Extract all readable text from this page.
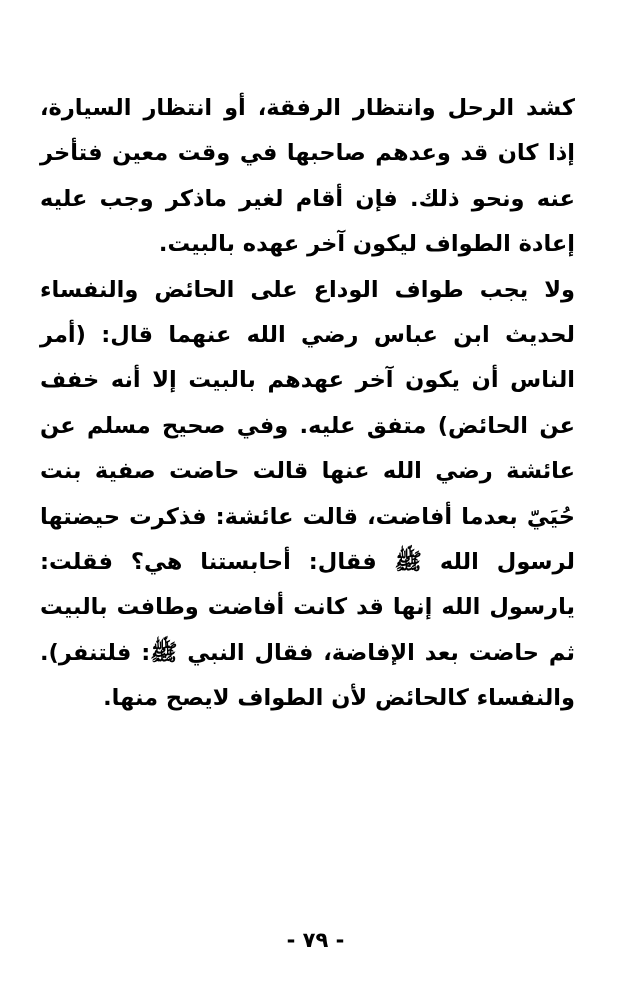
كشد الرحل وانتظار الرفقة، أو انتظار السيارة، إذا كان قد وعدهم صاحبها في وقت معين فتأخر عنه ونحو ذلك. فإن أقام لغير ماذكر وجب عليه إعادة الطواف ليكون آخر عهده بالبيت.

ولا يجب طواف الوداع على الحائض والنفساء لحديث ابن عباس رضي الله عنهما قال: (أمر الناس أن يكون آخر عهدهم بالبيت إلا أنه خفف عن الحائض) متفق عليه. وفي صحيح مسلم عن عائشة رضي الله عنها قالت حاضت صفية بنت حُيَيّ بعدما أفاضت، قالت عائشة: فذكرت حيضتها لرسول الله ﷺ فقال: أحابستنا هي؟ فقلت: يارسول الله إنها قد كانت أفاضت وطافت بالبيت ثم حاضت بعد الإفاضة، فقال النبي ﷺ: فلتنفر). والنفساء كالحائض لأن الطواف لايصح منها.

- ٧٩ -
